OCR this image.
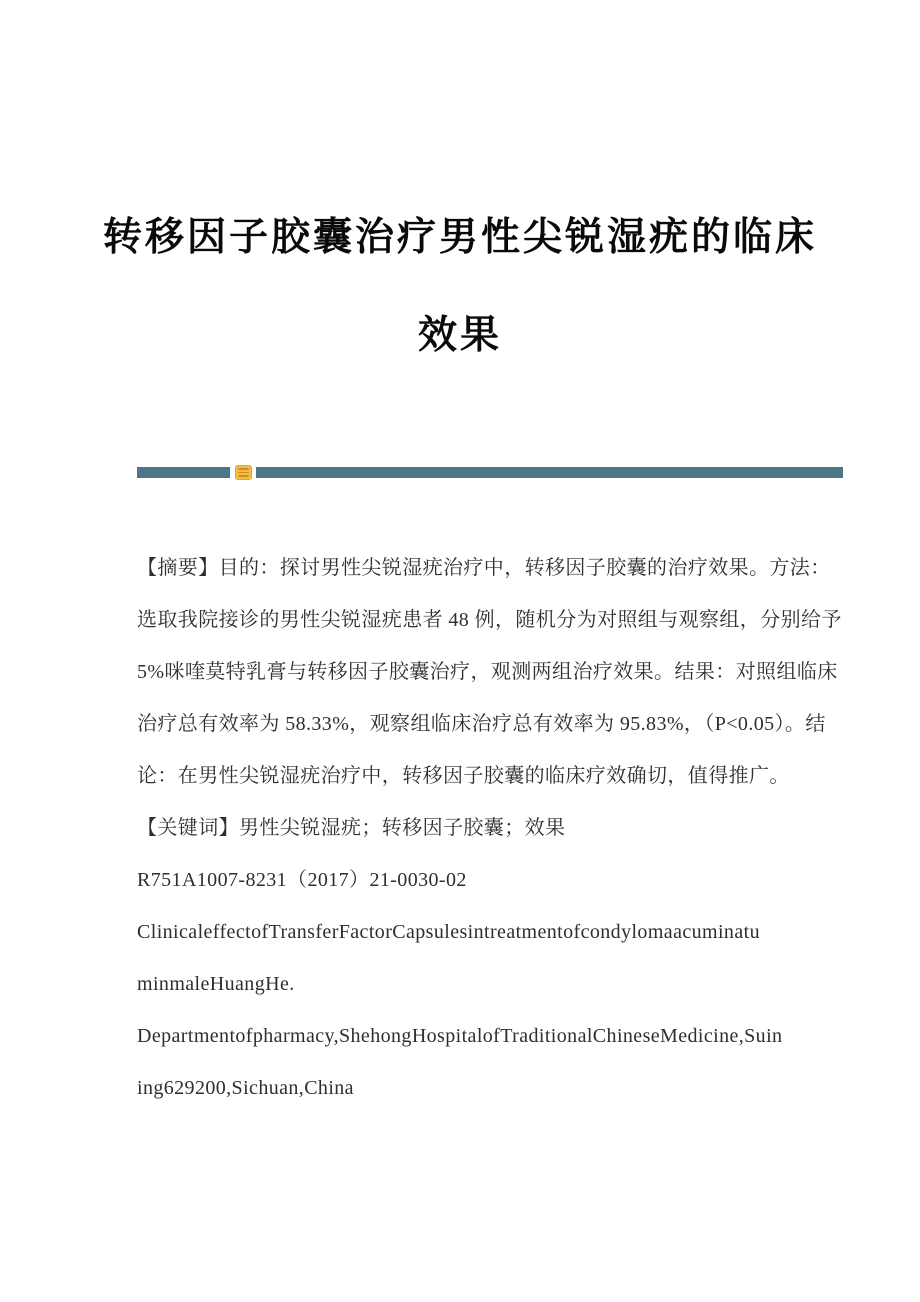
转移因子胶囊治疗男性尖锐湿疣的临床
效果
【摘要】目的：探讨男性尖锐湿疣治疗中，转移因子胶囊的治疗效果。方法：
选取我院接诊的男性尖锐湿疣患者 48 例，随机分为对照组与观察组，分别给予
5%咪喹莫特乳膏与转移因子胶囊治疗，观测两组治疗效果。结果：对照组临床
治疗总有效率为 58.33%，观察组临床治疗总有效率为 95.83%，（P<0.05）。结
论：在男性尖锐湿疣治疗中，转移因子胶囊的临床疗效确切，值得推广。
【关键词】男性尖锐湿疣；转移因子胶囊；效果
R751A1007-8231（2017）21-0030-02
ClinicaleffectofTransferFactorCapsulesintreatmentofcondylomaacuminatu
minmaleHuangHe.
Departmentofpharmacy,ShehongHospitalofTraditionalChineseMedicine,Suin
ing629200,Sichuan,China
